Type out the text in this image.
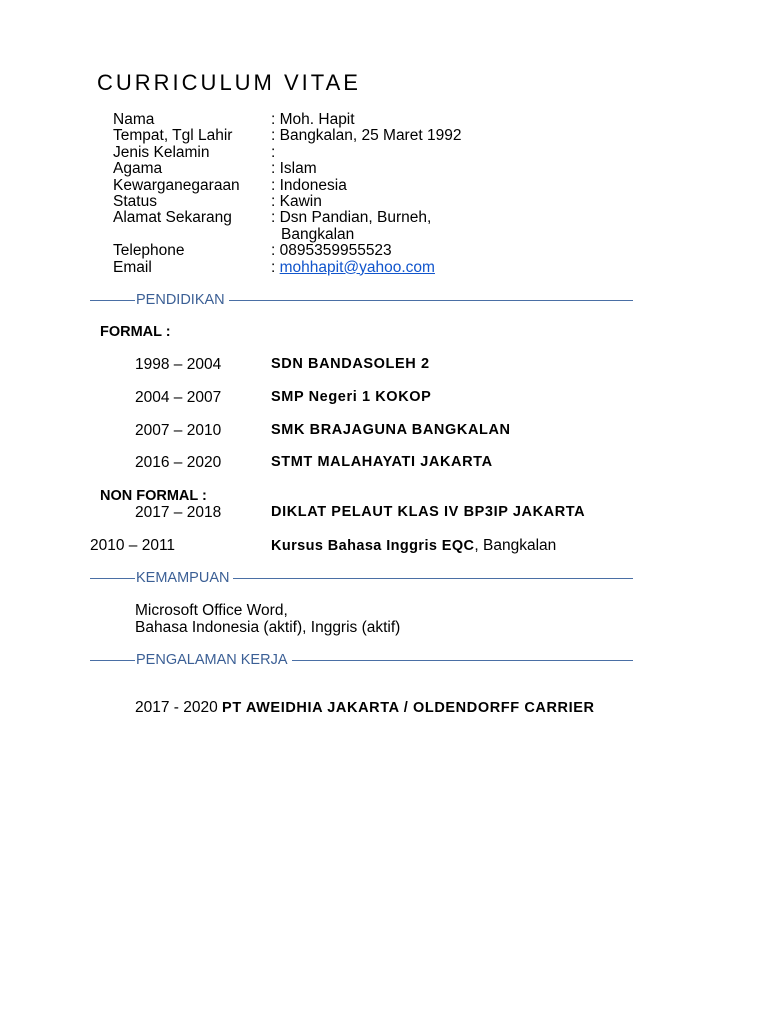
CURRICULUM VITAE
Nama	: Moh. Hapit
Tempat, Tgl Lahir	: Bangkalan, 25 Maret 1992
Jenis Kelamin	:
Agama	: Islam
Kewarganegaraan	: Indonesia
Status	: Kawin
Alamat Sekarang	: Dsn Pandian, Burneh,
Bangkalan
Telephone	: 0895359955523
Email	: mohhapit@yahoo.com
PENDIDIKAN
FORMAL :
1998 – 2004	SDN BANDASOLEH 2
2004 – 2007	SMP Negeri 1 KOKOP
2007 – 2010	SMK BRAJAGUNA BANGKALAN
2016 – 2020	STMT MALAHAYATI JAKARTA
NON FORMAL :
2017 – 2018	DIKLAT PELAUT KLAS IV BP3IP JAKARTA
2010 – 2011	Kursus Bahasa Inggris EQC, Bangkalan
KEMAMPUAN
Microsoft Office Word,
Bahasa Indonesia (aktif), Inggris (aktif)
PENGALAMAN KERJA
2017 - 2020 PT AWEIDHIA JAKARTA / OLDENDORFF CARRIER
